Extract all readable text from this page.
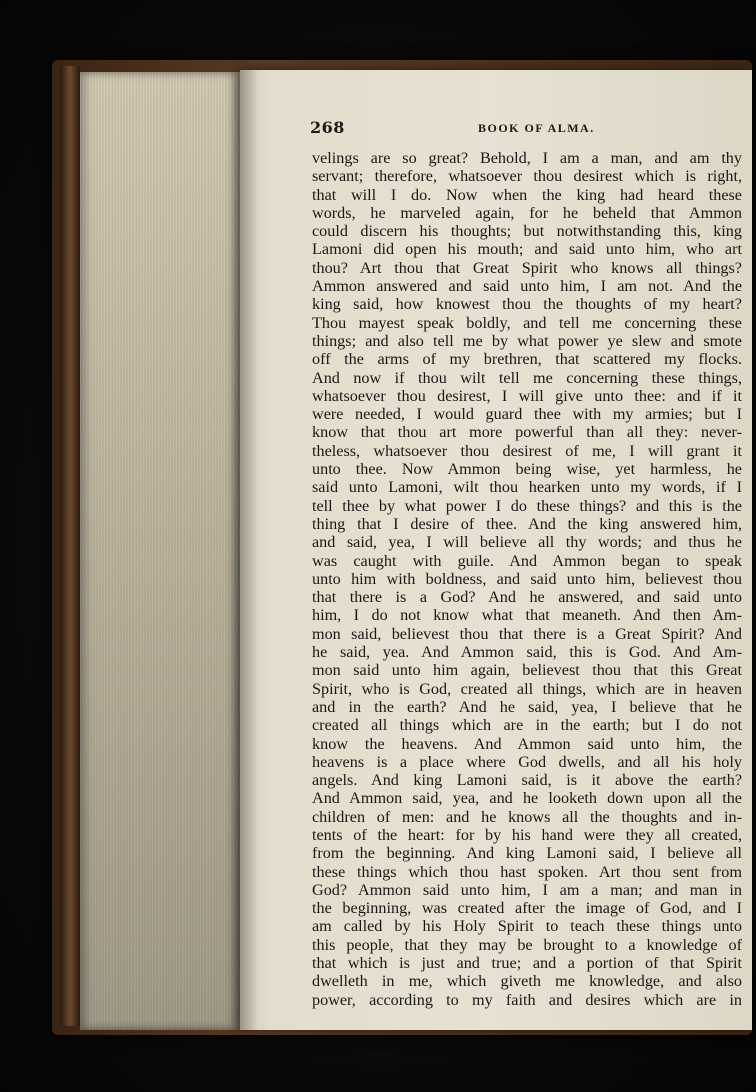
268	BOOK OF ALMA.
velings are so great? Behold, I am a man, and am thy
servant; therefore, whatsoever thou desirest which is right,
that will I do. Now when the king had heard these
words, he marveled again, for he beheld that Ammon
could discern his thoughts; but notwithstanding this, king
Lamoni did open his mouth; and said unto him, who art
thou? Art thou that Great Spirit who knows all things?
Ammon answered and said unto him, I am not. And the
king said, how knowest thou the thoughts of my heart?
Thou mayest speak boldly, and tell me concerning these
things; and also tell me by what power ye slew and smote
off the arms of my brethren, that scattered my flocks.
And now if thou wilt tell me concerning these things,
whatsoever thou desirest, I will give unto thee: and if it
were needed, I would guard thee with my armies; but I
know that thou art more powerful than all they: never-
theless, whatsoever thou desirest of me, I will grant it
unto thee. Now Ammon being wise, yet harmless, he
said unto Lamoni, wilt thou hearken unto my words, if I
tell thee by what power I do these things? and this is the
thing that I desire of thee. And the king answered him,
and said, yea, I will believe all thy words; and thus he
was caught with guile. And Ammon began to speak
unto him with boldness, and said unto him, believest thou
that there is a God? And he answered, and said unto
him, I do not know what that meaneth. And then Am-
mon said, believest thou that there is a Great Spirit? And
he said, yea. And Ammon said, this is God. And Am-
mon said unto him again, believest thou that this Great
Spirit, who is God, created all things, which are in heaven
and in the earth? And he said, yea, I believe that he
created all things which are in the earth; but I do not
know the heavens. And Ammon said unto him, the
heavens is a place where God dwells, and all his holy
angels. And king Lamoni said, is it above the earth?
And Ammon said, yea, and he looketh down upon all the
children of men: and he knows all the thoughts and in-
tents of the heart: for by his hand were they all created,
from the beginning. And king Lamoni said, I believe all
these things which thou hast spoken. Art thou sent from
God? Ammon said unto him, I am a man; and man in
the beginning, was created after the image of God, and I
am called by his Holy Spirit to teach these things unto
this people, that they may be brought to a knowledge of
that which is just and true; and a portion of that Spirit
dwelleth in me, which giveth me knowledge, and also
power, according to my faith and desires which are in
